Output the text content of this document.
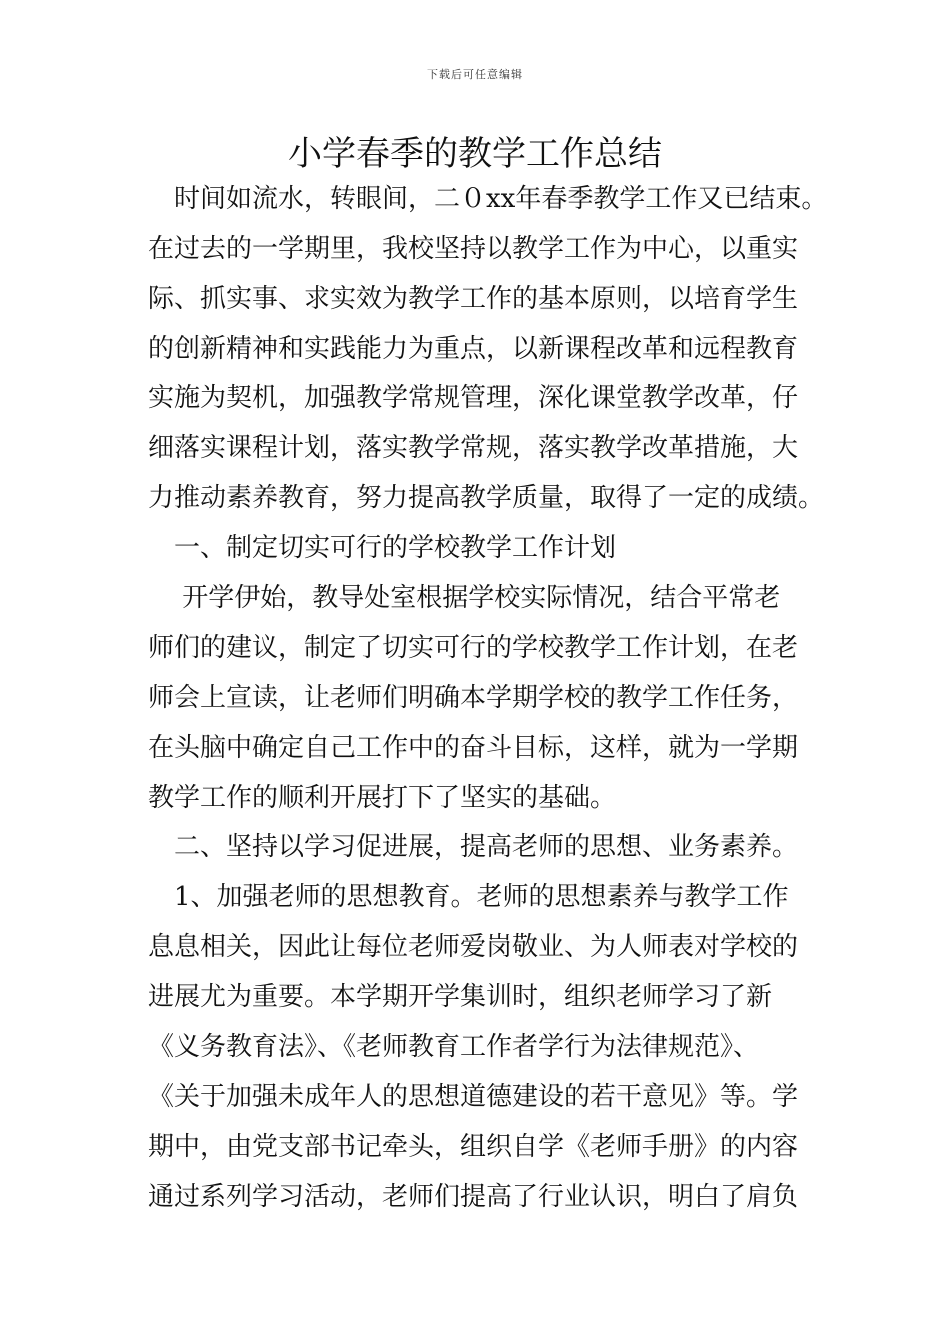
下载后可任意编辑
小学春季的教学工作总结
　时间如流水，转眼间，二０xx年春季教学工作又已结束。
在过去的一学期里，我校坚持以教学工作为中心，以重实
际、抓实事、求实效为教学工作的基本原则，以培育学生
的创新精神和实践能力为重点，以新课程改革和远程教育
实施为契机，加强教学常规管理，深化课堂教学改革，仔
细落实课程计划，落实教学常规，落实教学改革措施，大
力推动素养教育，努力提高教学质量，取得了一定的成绩。
　一、制定切实可行的学校教学工作计划
　 开学伊始，教导处室根据学校实际情况，结合平常老
师们的建议，制定了切实可行的学校教学工作计划，在老
师会上宣读，让老师们明确本学期学校的教学工作任务，
在头脑中确定自己工作中的奋斗目标，这样，就为一学期
教学工作的顺利开展打下了坚实的基础。
　二、坚持以学习促进展，提高老师的思想、业务素养。
　1、加强老师的思想教育。老师的思想素养与教学工作
息息相关，因此让每位老师爱岗敬业、为人师表对学校的
进展尤为重要。本学期开学集训时，组织老师学习了新
《义务教育法》、《老师教育工作者学行为法律规范》、
《关于加强未成年人的思想道德建设的若干意见》等。学
期中，由党支部书记牵头，组织自学《老师手册》的内容
通过系列学习活动，老师们提高了行业认识，明白了肩负
